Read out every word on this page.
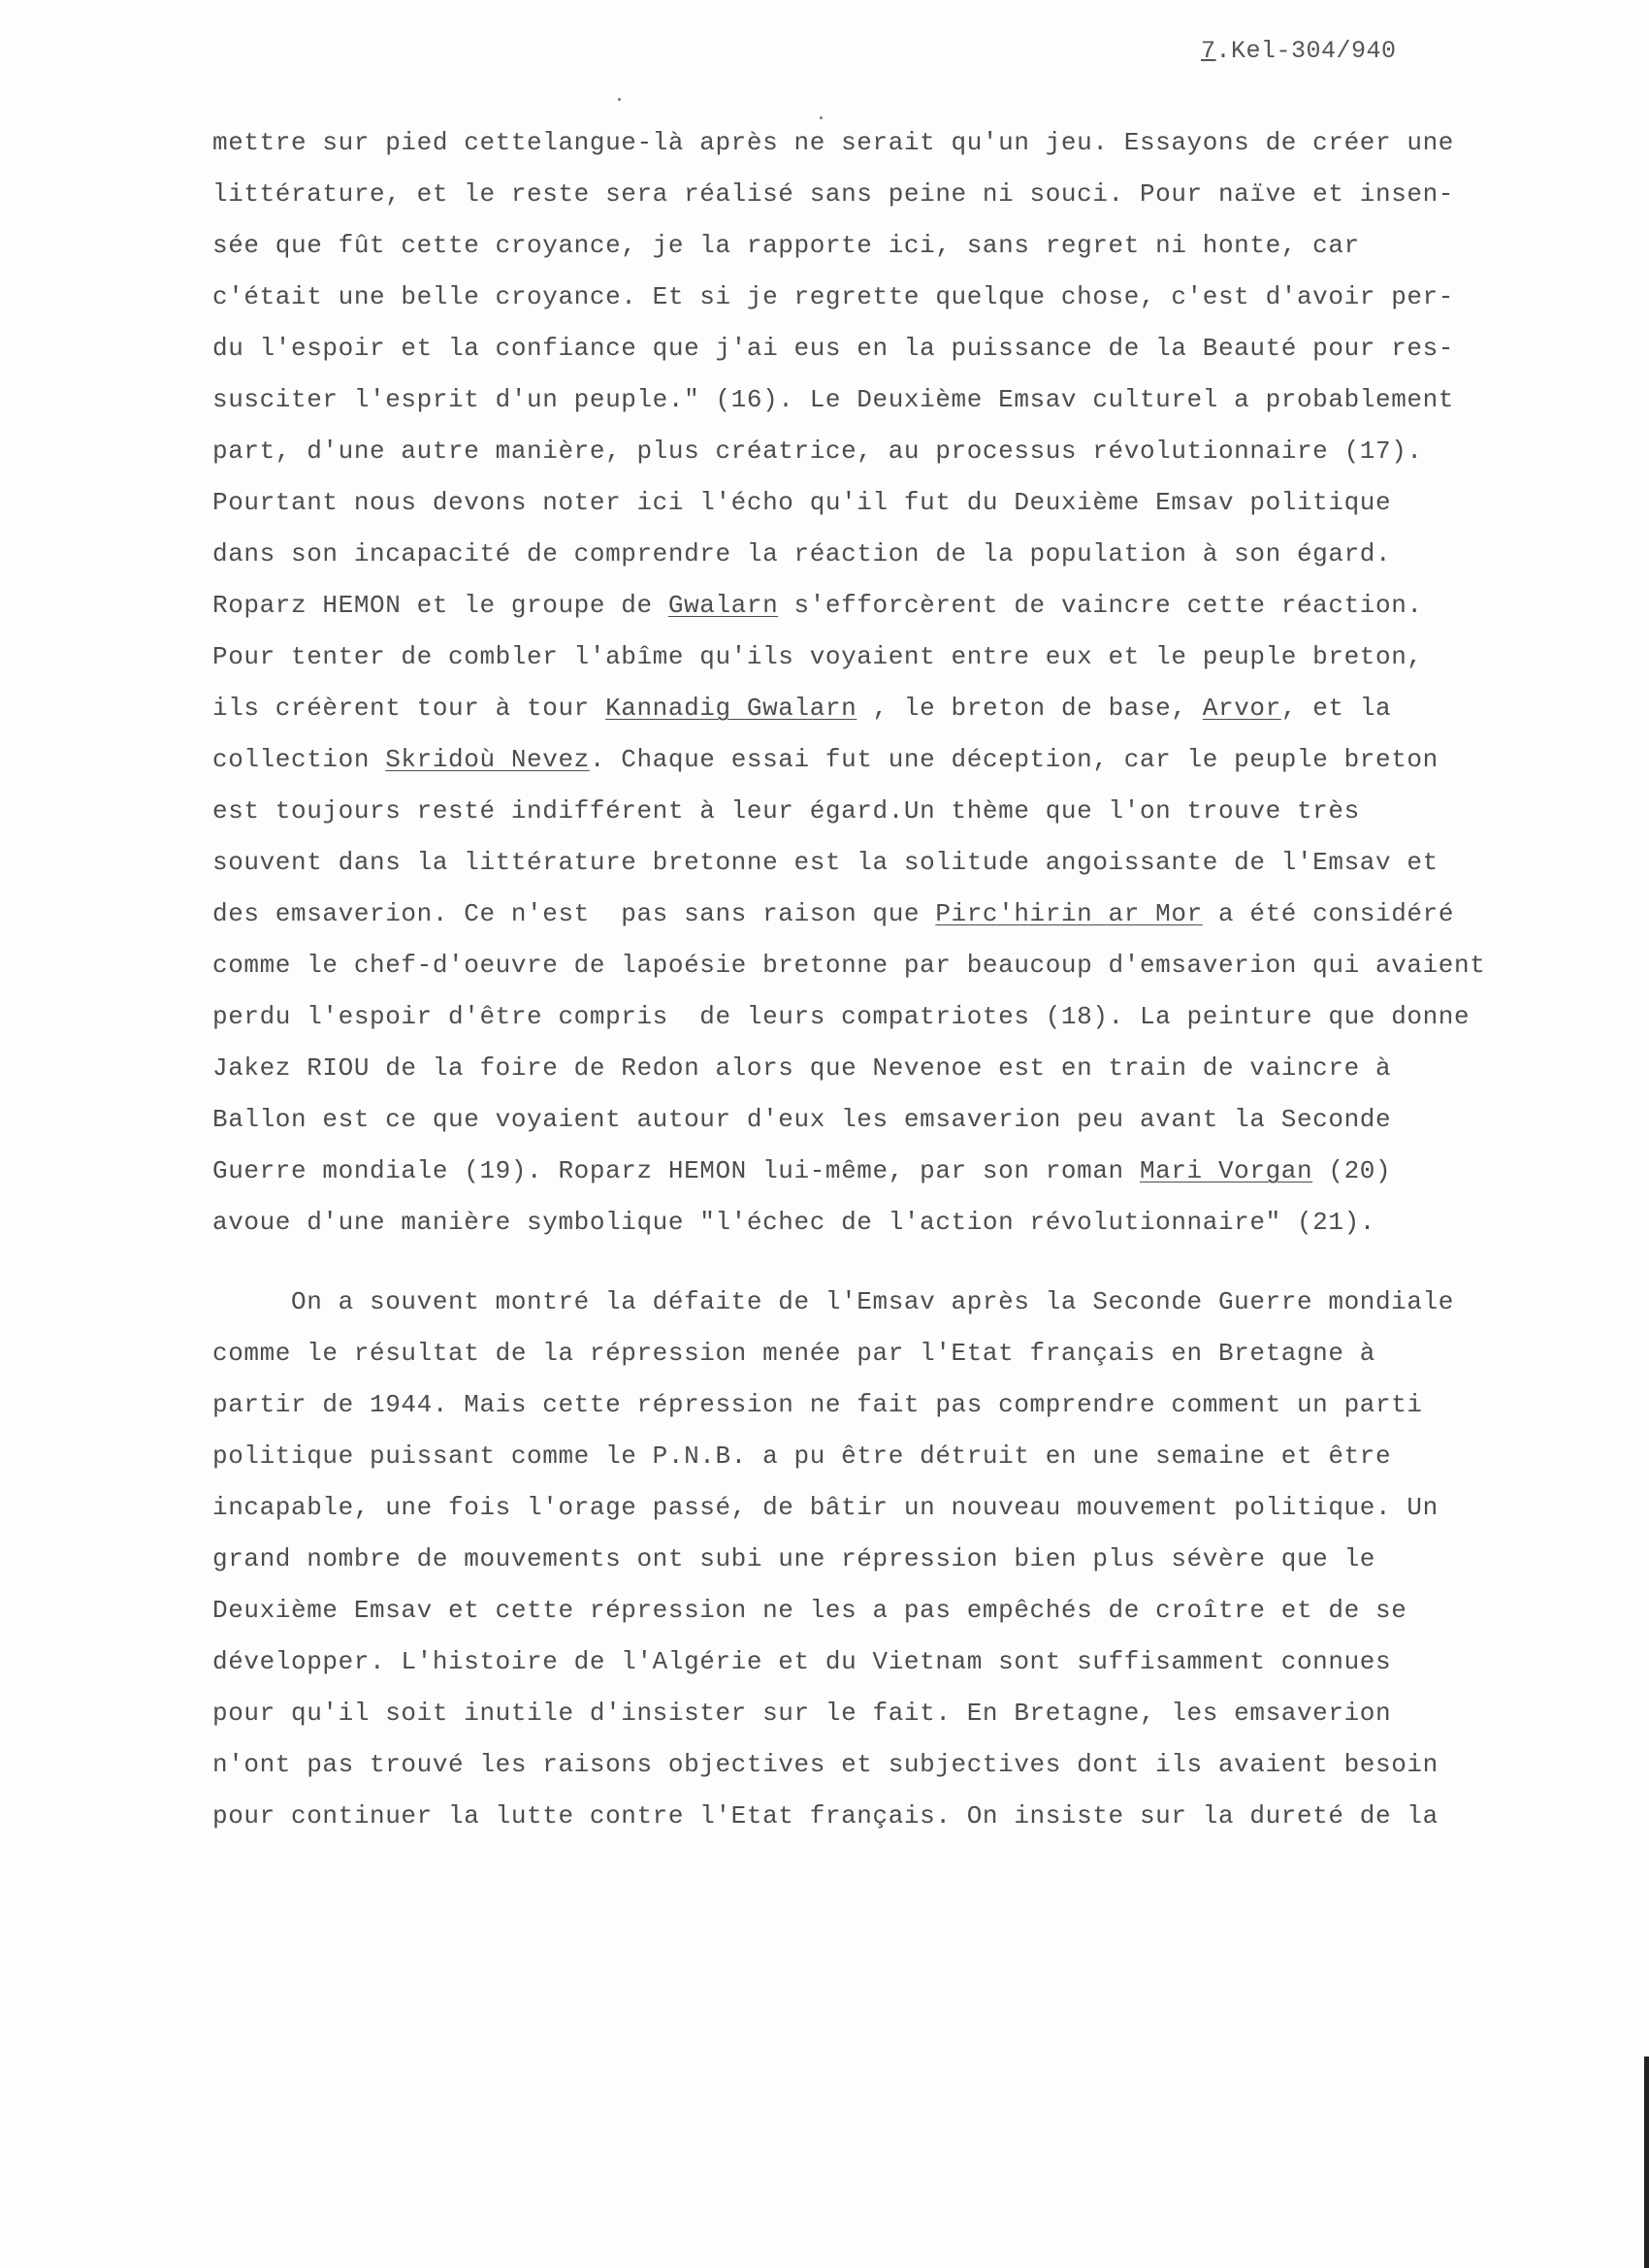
7.Kel-304/940
mettre sur pied cettelangue-là après ne serait qu'un jeu. Essayons de créer une
littérature, et le reste sera réalisé sans peine ni souci. Pour naïve et insen-
sée que fût cette croyance, je la rapporte ici, sans regret ni honte, car
c'était une belle croyance. Et si je regrette quelque chose, c'est d'avoir per-
du l'espoir et la confiance que j'ai eus en la puissance de la Beauté pour res-
susciter l'esprit d'un peuple." (16). Le Deuxième Emsav culturel a probablement
part, d'une autre manière, plus créatrice, au processus révolutionnaire (17).
Pourtant nous devons noter ici l'écho qu'il fut du Deuxième Emsav politique
dans son incapacité de comprendre la réaction de la population à son égard.
Roparz HEMON et le groupe de Gwalarn s'efforcèrent de vaincre cette réaction.
Pour tenter de combler l'abîme qu'ils voyaient entre eux et le peuple breton,
ils créèrent tour à tour Kannadig Gwalarn , le breton de base, Arvor, et la
collection Skridoù Nevez. Chaque essai fut une déception, car le peuple breton
est toujours resté indifférent à leur égard.Un thème que l'on trouve très
souvent dans la littérature bretonne est la solitude angoissante de l'Emsav et
des emsaverion. Ce n'est  pas sans raison que Pirc'hirin ar Mor a été considéré
comme le chef-d'oeuvre de lapoésie bretonne par beaucoup d'emsaverion qui avaient
perdu l'espoir d'être compris  de leurs compatriotes (18). La peinture que donne
Jakez RIOU de la foire de Redon alors que Nevenoe est en train de vaincre à
Ballon est ce que voyaient autour d'eux les emsaverion peu avant la Seconde
Guerre mondiale (19). Roparz HEMON lui-même, par son roman Mari Vorgan (20)
avoue d'une manière symbolique "l'échec de l'action révolutionnaire" (21).
On a souvent montré la défaite de l'Emsav après la Seconde Guerre mondiale
comme le résultat de la répression menée par l'Etat français en Bretagne à
partir de 1944. Mais cette répression ne fait pas comprendre comment un parti
politique puissant comme le P.N.B. a pu être détruit en une semaine et être
incapable, une fois l'orage passé, de bâtir un nouveau mouvement politique. Un
grand nombre de mouvements ont subi une répression bien plus sévère que le
Deuxième Emsav et cette répression ne les a pas empêchés de croître et de se
développer. L'histoire de l'Algérie et du Vietnam sont suffisamment connues
pour qu'il soit inutile d'insister sur le fait. En Bretagne, les emsaverion
n'ont pas trouvé les raisons objectives et subjectives dont ils avaient besoin
pour continuer la lutte contre l'Etat français. On insiste sur la dureté de la
